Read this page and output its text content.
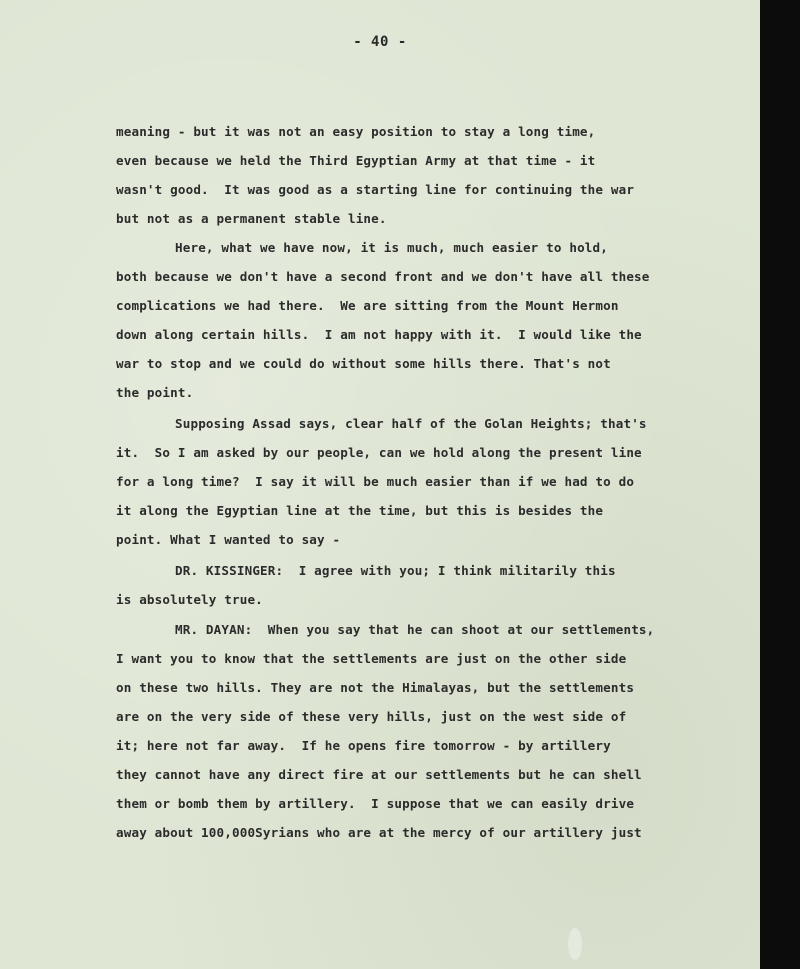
- 40 -
meaning - but it was not an easy position to stay a long time,
even because we held the Third Egyptian Army at that time - it
wasn't good.  It was good as a starting line for continuing the war
but not as a permanent stable line.
Here, what we have now, it is much, much easier to hold,
both because we don't have a second front and we don't have all these
complications we had there.  We are sitting from the Mount Hermon
down along certain hills.  I am not happy with it.  I would like the
war to stop and we could do without some hills there. That's not
the point.
Supposing Assad says, clear half of the Golan Heights; that's
it.  So I am asked by our people, can we hold along the present line
for a long time?  I say it will be much easier than if we had to do
it along the Egyptian line at the time, but this is besides the
point. What I wanted to say -
DR. KISSINGER:  I agree with you; I think militarily this
is absolutely true.
MR. DAYAN:  When you say that he can shoot at our settlements,
I want you to know that the settlements are just on the other side
on these two hills. They are not the Himalayas, but the settlements
are on the very side of these very hills, just on the west side of
it; here not far away.  If he opens fire tomorrow - by artillery
they cannot have any direct fire at our settlements but he can shell
them or bomb them by artillery.  I suppose that we can easily drive
away about 100,000Syrians who are at the mercy of our artillery just
